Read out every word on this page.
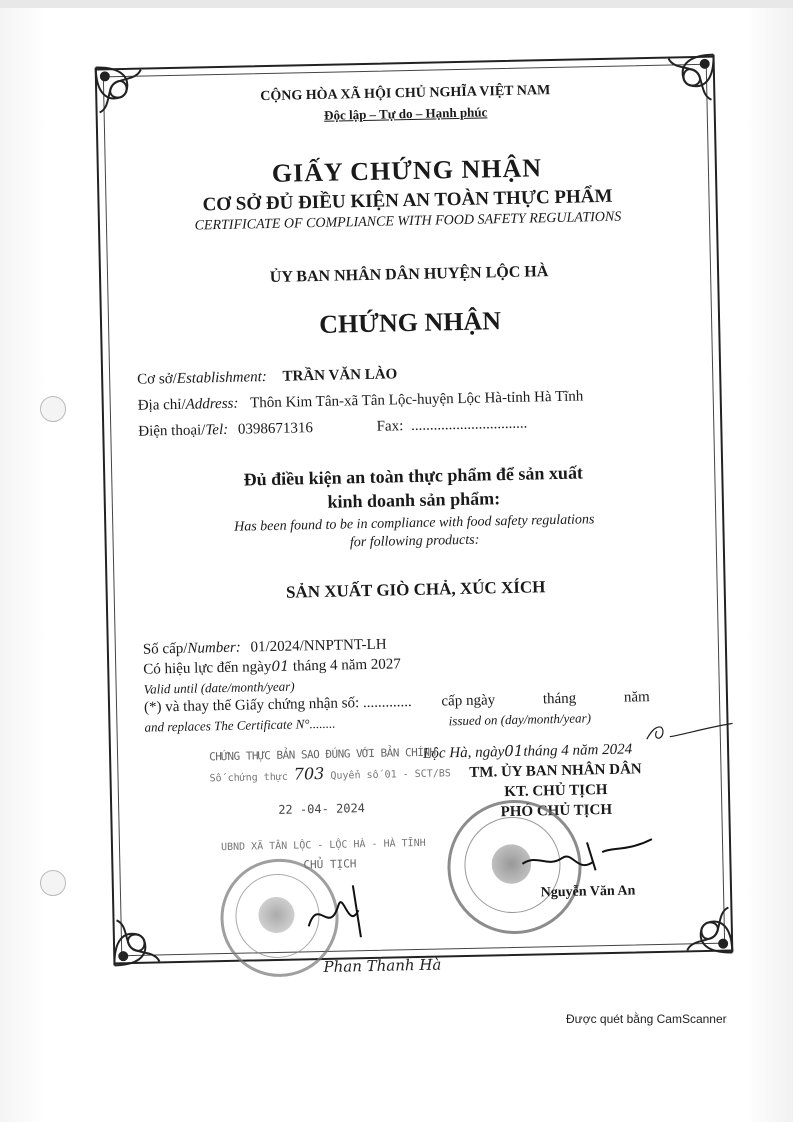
CỘNG HÒA XÃ HỘI CHỦ NGHĨA VIỆT NAM
Độc lập – Tự do – Hạnh phúc
GIẤY CHỨNG NHẬN
CƠ SỞ ĐỦ ĐIỀU KIỆN AN TOÀN THỰC PHẨM
CERTIFICATE OF COMPLIANCE WITH FOOD SAFETY REGULATIONS
ỦY BAN NHÂN DÂN HUYỆN LỘC HÀ
CHỨNG NHẬN
Cơ sở/Establishment: TRẦN VĂN LÀO
Địa chỉ/Address: Thôn Kim Tân-xã Tân Lộc-huyện Lộc Hà-tỉnh Hà Tĩnh
Điện thoại/Tel: 0398671316	Fax: ...............................
Đủ điều kiện an toàn thực phẩm để sản xuất
kinh doanh sản phẩm:
Has been found to be in compliance with food safety regulations
for following products:
SẢN XUẤT GIÒ CHẢ, XÚC XÍCH
Số cấp/Number: 01/2024/NNPTNT-LH
Có hiệu lực đến ngày01 tháng 4 năm 2027
Valid until (date/month/year)
(*) và thay thế Giấy chứng nhận số: ............. cấp ngày	tháng	năm
and replaces The Certificate N°........	issued on (day/month/year)
Lộc Hà, ngày01tháng 4 năm 2024
TM. ỦY BAN NHÂN DÂN
KT. CHỦ TỊCH
PHÓ CHỦ TỊCH
Nguyễn Văn An
CHỨNG THỰC BẢN SAO ĐÚNG VỚI BẢN CHÍNH
Số chứng thực 703 Quyển số 01 - SCT/BS
22 -04- 2024
UBND XÃ TÂN LỘC - LỘC HÀ - HÀ TĨNH
CHỦ TỊCH
Phan Thanh Hà
Được quét bằng CamScanner
